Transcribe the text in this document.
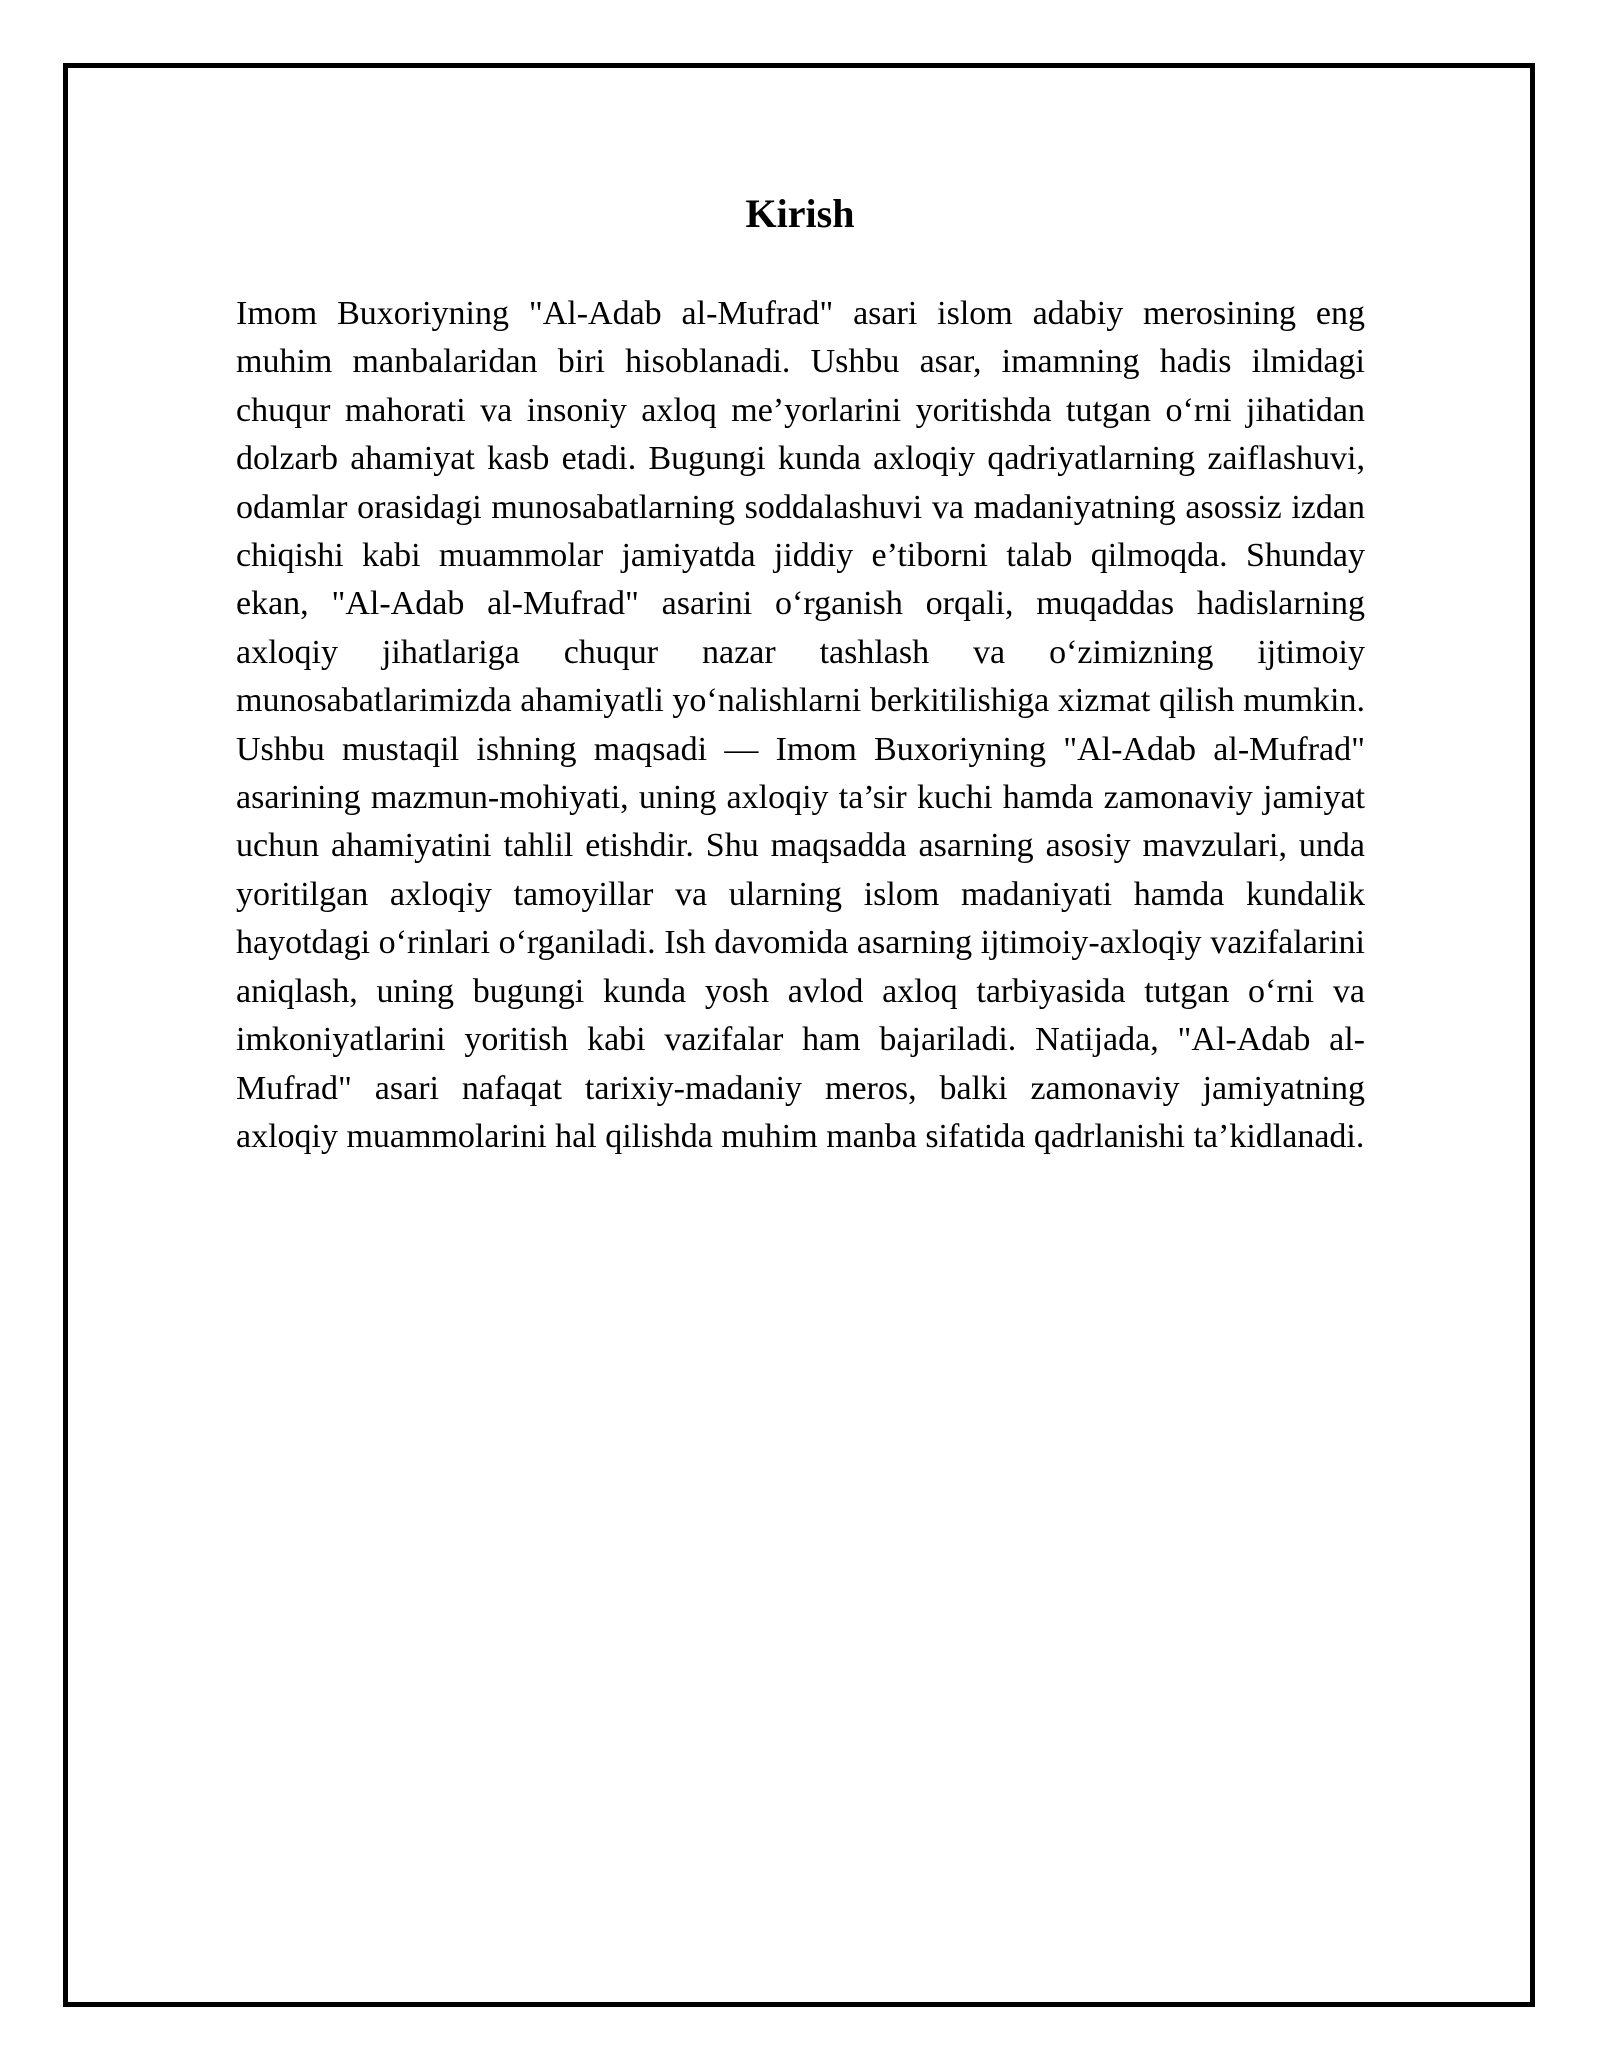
Kirish

Imom Buxoriyning "Al-Adab al-Mufrad" asari islom adabiy merosining eng muhim manbalaridan biri hisoblanadi. Ushbu asar, imamning hadis ilmidagi chuqur mahorati va insoniy axloq me’yorlarini yoritishda tutgan o‘rni jihatidan dolzarb ahamiyat kasb etadi. Bugungi kunda axloqiy qadriyatlarning zaiflashuvi, odamlar orasidagi munosabatlarning soddalashuvi va madaniyatning asossiz izdan chiqishi kabi muammolar jamiyatda jiddiy e’tiborni talab qilmoqda. Shunday ekan, "Al-Adab al-Mufrad" asarini o‘rganish orqali, muqaddas hadislarning axloqiy jihatlariga chuqur nazar tashlash va o‘zimizning ijtimoiy munosabatlarimizda ahamiyatli yo‘nalishlarni berkitilishiga xizmat qilish mumkin. Ushbu mustaqil ishning maqsadi — Imom Buxoriyning "Al-Adab al-Mufrad" asarining mazmun-mohiyati, uning axloqiy ta’sir kuchi hamda zamonaviy jamiyat uchun ahamiyatini tahlil etishdir. Shu maqsadda asarning asosiy mavzulari, unda yoritilgan axloqiy tamoyillar va ularning islom madaniyati hamda kundalik hayotdagi o‘rinlari o‘rganiladi. Ish davomida asarning ijtimoiy-axloqiy vazifalarini aniqlash, uning bugungi kunda yosh avlod axloq tarbiyasida tutgan o‘rni va imkoniyatlarini yoritish kabi vazifalar ham bajariladi. Natijada, "Al-Adab al-Mufrad" asari nafaqat tarixiy-madaniy meros, balki zamonaviy jamiyatning axloqiy muammolarini hal qilishda muhim manba sifatida qadrlanishi ta’kidlanadi.
